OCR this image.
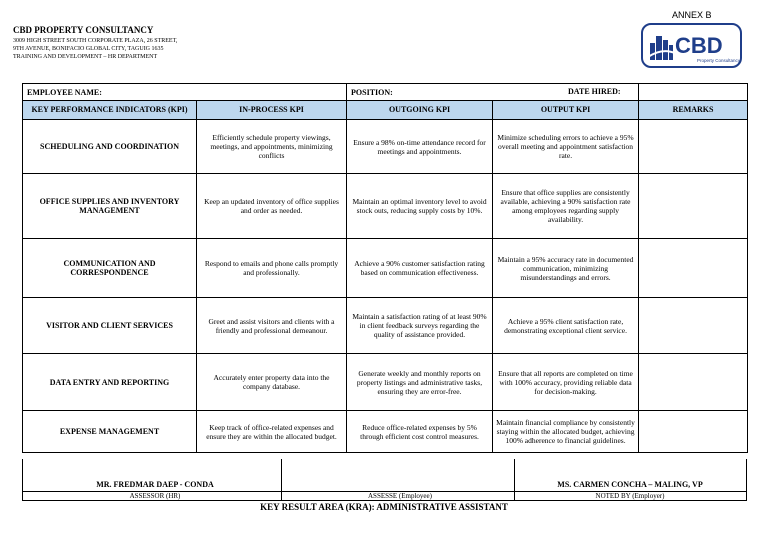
CBD PROPERTY CONSULTANCY
3009 HIGH STREET SOUTH CORPORATE PLAZA, 26 STREET,
9TH AVENUE, BONIFACIO GLOBAL CITY, TAGUIG 1635
TRAINING AND DEVELOPMENT – HR DEPARTMENT
ANNEX B
CBD
Property Consultancy
EMPLOYEE NAME:		POSITION:		DATE HIRED:

KEY PERFORMANCE INDICATORS (KPI)	IN-PROCESS KPI	OUTGOING KPI	OUTPUT KPI	REMARKS
SCHEDULING AND COORDINATION	Efficiently schedule property viewings, meetings, and appointments, minimizing conflicts	Ensure a 98% on-time attendance record for meetings and appointments.	Minimize scheduling errors to achieve a 95% overall meeting and appointment satisfaction rate.	
OFFICE SUPPLIES AND INVENTORY MANAGEMENT	Keep an updated inventory of office supplies and order as needed.	Maintain an optimal inventory level to avoid stock outs, reducing supply costs by 10%.	Ensure that office supplies are consistently available, achieving a 90% satisfaction rate among employees regarding supply availability.	
COMMUNICATION AND CORRESPONDENCE	Respond to emails and phone calls promptly and professionally.	Achieve a 90% customer satisfaction rating based on communication effectiveness.	Maintain a 95% accuracy rate in documented communication, minimizing misunderstandings and errors.	
VISITOR AND CLIENT SERVICES	Greet and assist visitors and clients with a friendly and professional demeanour.	Maintain a satisfaction rating of at least 90% in client feedback surveys regarding the quality of assistance provided.	Achieve a 95% client satisfaction rate, demonstrating exceptional client service.	
DATA ENTRY AND REPORTING	Accurately enter property data into the company database.	Generate weekly and monthly reports on property listings and administrative tasks, ensuring they are error-free.	Ensure that all reports are completed on time with 100% accuracy, providing reliable data for decision-making.	
EXPENSE MANAGEMENT	Keep track of office-related expenses and ensure they are within the allocated budget.	Reduce office-related expenses by 5% through efficient cost control measures.	Maintain financial compliance by consistently staying within the allocated budget, achieving 100% adherence to financial guidelines.	
MR. FREDMAR DAEP - CONDA
ASSESSOR (HR)	ASSESSE (Employee)
MS. CARMEN CONCHA – MALING, VP
NOTED BY (Employer)
KEY RESULT AREA (KRA): ADMINISTRATIVE ASSISTANT
